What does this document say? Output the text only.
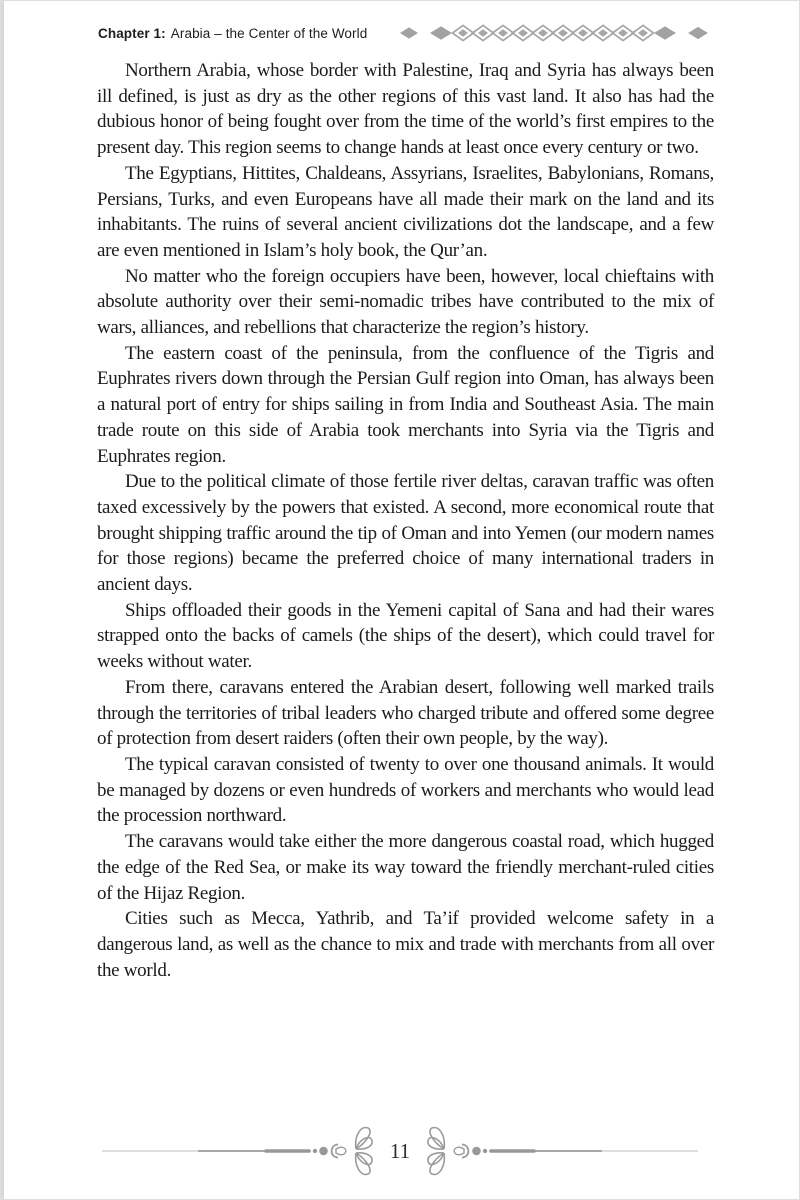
Chapter 1: Arabia – the Center of the World

Northern Arabia, whose border with Palestine, Iraq and Syria has always been ill defined, is just as dry as the other regions of this vast land. It also has had the dubious honor of being fought over from the time of the world’s first empires to the present day. This region seems to change hands at least once every century or two.

The Egyptians, Hittites, Chaldeans, Assyrians, Israelites, Babylonians, Romans, Persians, Turks, and even Europeans have all made their mark on the land and its inhabitants. The ruins of several ancient civilizations dot the landscape, and a few are even mentioned in Islam’s holy book, the Qur’an.

No matter who the foreign occupiers have been, however, local chieftains with absolute authority over their semi-nomadic tribes have contributed to the mix of wars, alliances, and rebellions that characterize the region’s history.

The eastern coast of the peninsula, from the confluence of the Tigris and Euphrates rivers down through the Persian Gulf region into Oman, has always been a natural port of entry for ships sailing in from India and Southeast Asia. The main trade route on this side of Arabia took merchants into Syria via the Tigris and Euphrates region.

Due to the political climate of those fertile river deltas, caravan traffic was often taxed excessively by the powers that existed. A second, more economical route that brought shipping traffic around the tip of Oman and into Yemen (our modern names for those regions) became the preferred choice of many international traders in ancient days.

Ships offloaded their goods in the Yemeni capital of Sana and had their wares strapped onto the backs of camels (the ships of the desert), which could travel for weeks without water.

From there, caravans entered the Arabian desert, following well marked trails through the territories of tribal leaders who charged tribute and offered some degree of protection from desert raiders (often their own people, by the way).

The typical caravan consisted of twenty to over one thousand animals. It would be managed by dozens or even hundreds of workers and merchants who would lead the procession northward.

The caravans would take either the more dangerous coastal road, which hugged the edge of the Red Sea, or make its way toward the friendly merchant-ruled cities of the Hijaz Region.

Cities such as Mecca, Yathrib, and Ta’if provided welcome safety in a dangerous land, as well as the chance to mix and trade with merchants from all over the world.

11
